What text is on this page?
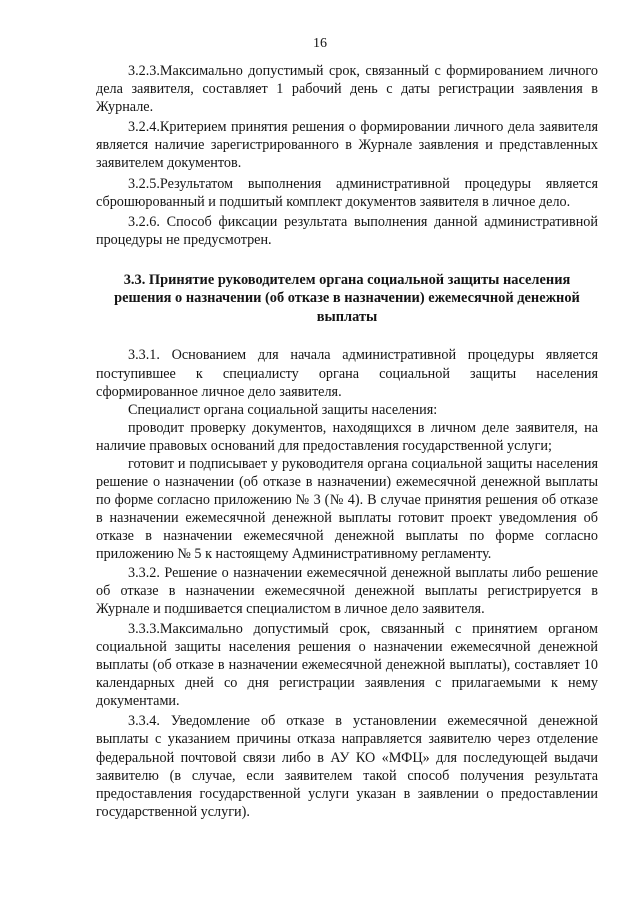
16

3.2.3.Максимально допустимый срок, связанный с формированием личного дела заявителя, составляет 1 рабочий день с даты регистрации заявления в Журнале.

3.2.4.Критерием принятия решения о формировании личного дела заявителя является наличие зарегистрированного в Журнале заявления и представленных заявителем документов.

3.2.5.Результатом выполнения административной процедуры является сброшюрованный и подшитый комплект документов заявителя в личное дело.

3.2.6. Способ фиксации результата выполнения данной административной процедуры не предусмотрен.

3.3. Принятие руководителем органа социальной защиты населения решения о назначении (об отказе в назначении) ежемесячной денежной выплаты

3.3.1. Основанием для начала административной процедуры является поступившее к специалисту органа социальной защиты населения сформированное личное дело заявителя.

Специалист органа социальной защиты населения:

проводит проверку документов, находящихся в личном деле заявителя, на наличие правовых оснований для предоставления государственной услуги;

готовит и подписывает у руководителя органа социальной защиты населения решение о назначении (об отказе в назначении) ежемесячной денежной выплаты по форме согласно приложению № 3 (№ 4). В случае принятия решения об отказе в назначении ежемесячной денежной выплаты готовит проект уведомления об отказе в назначении ежемесячной денежной выплаты по форме согласно приложению № 5 к настоящему Административному регламенту.

3.3.2. Решение о назначении ежемесячной денежной выплаты либо решение об отказе в назначении ежемесячной денежной выплаты регистрируется в Журнале и подшивается специалистом в личное дело заявителя.

3.3.3.Максимально допустимый срок, связанный с принятием органом социальной защиты населения решения о назначении ежемесячной денежной выплаты (об отказе в назначении ежемесячной денежной выплаты), составляет 10 календарных дней со дня регистрации заявления с прилагаемыми к нему документами.

3.3.4. Уведомление об отказе в установлении ежемесячной денежной выплаты с указанием причины отказа направляется заявителю через отделение федеральной почтовой связи либо в АУ КО «МФЦ» для последующей выдачи заявителю (в случае, если заявителем такой способ получения результата предоставления государственной услуги указан в заявлении о предоставлении государственной услуги).
